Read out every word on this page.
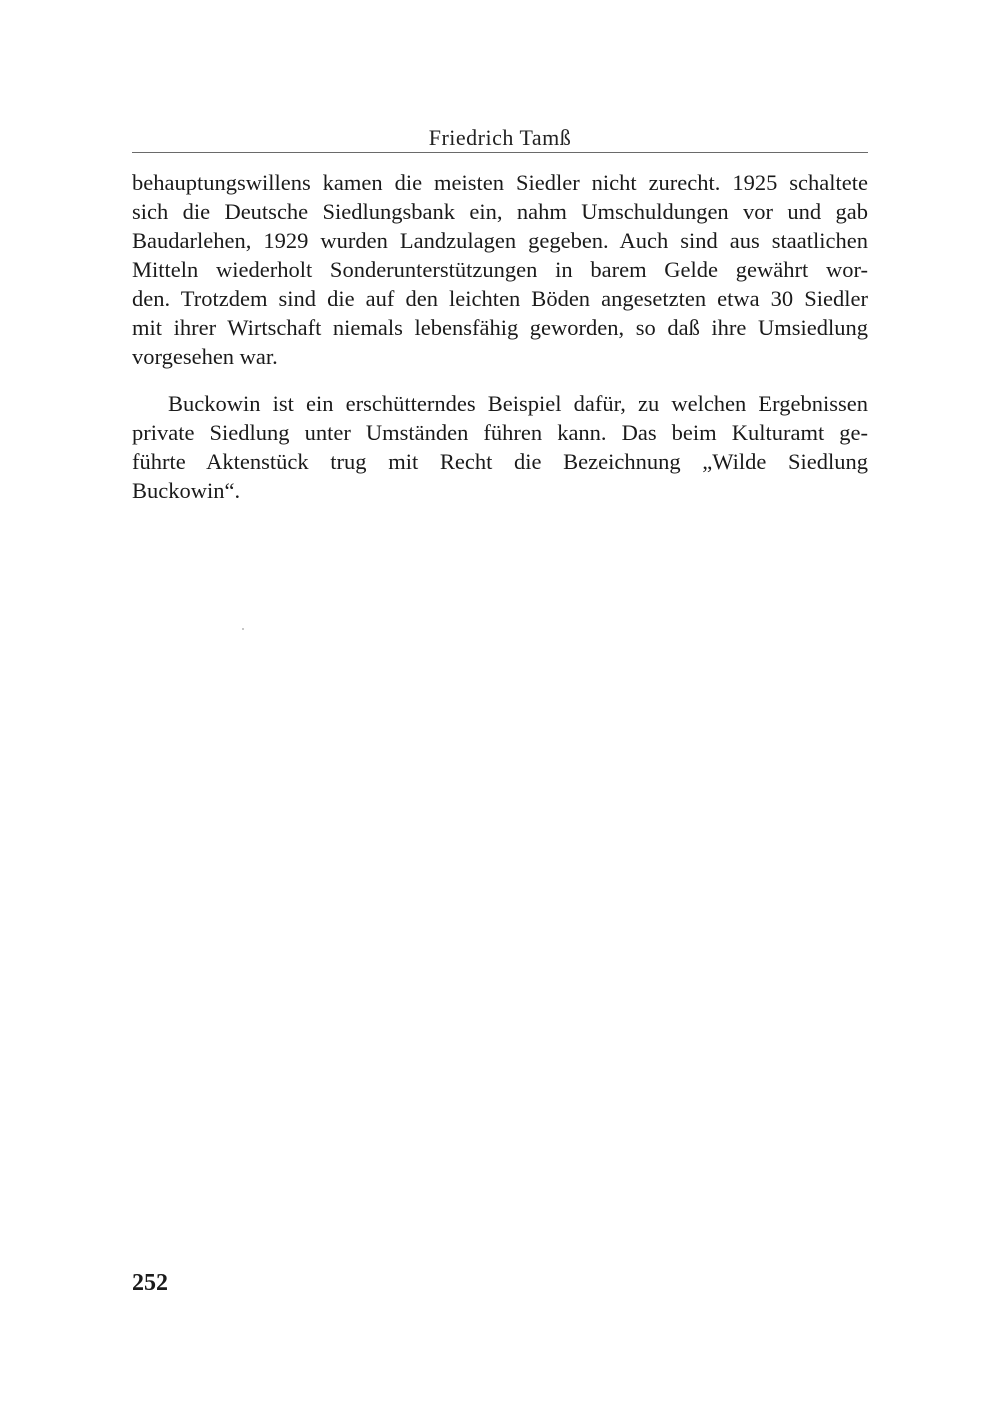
Friedrich Tamß
behauptungswillens kamen die meisten Siedler nicht zurecht. 1925 schaltete
sich die Deutsche Siedlungsbank ein, nahm Umschuldungen vor und gab
Baudarlehen, 1929 wurden Landzulagen gegeben. Auch sind aus staatlichen
Mitteln wiederholt Sonderunterstützungen in barem Gelde gewährt wor-
den. Trotzdem sind die auf den leichten Böden angesetzten etwa 30 Siedler
mit ihrer Wirtschaft niemals lebensfähig geworden, so daß ihre Umsiedlung
vorgesehen war.
Buckowin ist ein erschütterndes Beispiel dafür, zu welchen Ergebnissen
private Siedlung unter Umständen führen kann. Das beim Kulturamt ge-
führte Aktenstück trug mit Recht die Bezeichnung „Wilde Siedlung
Buckowin“.
252
